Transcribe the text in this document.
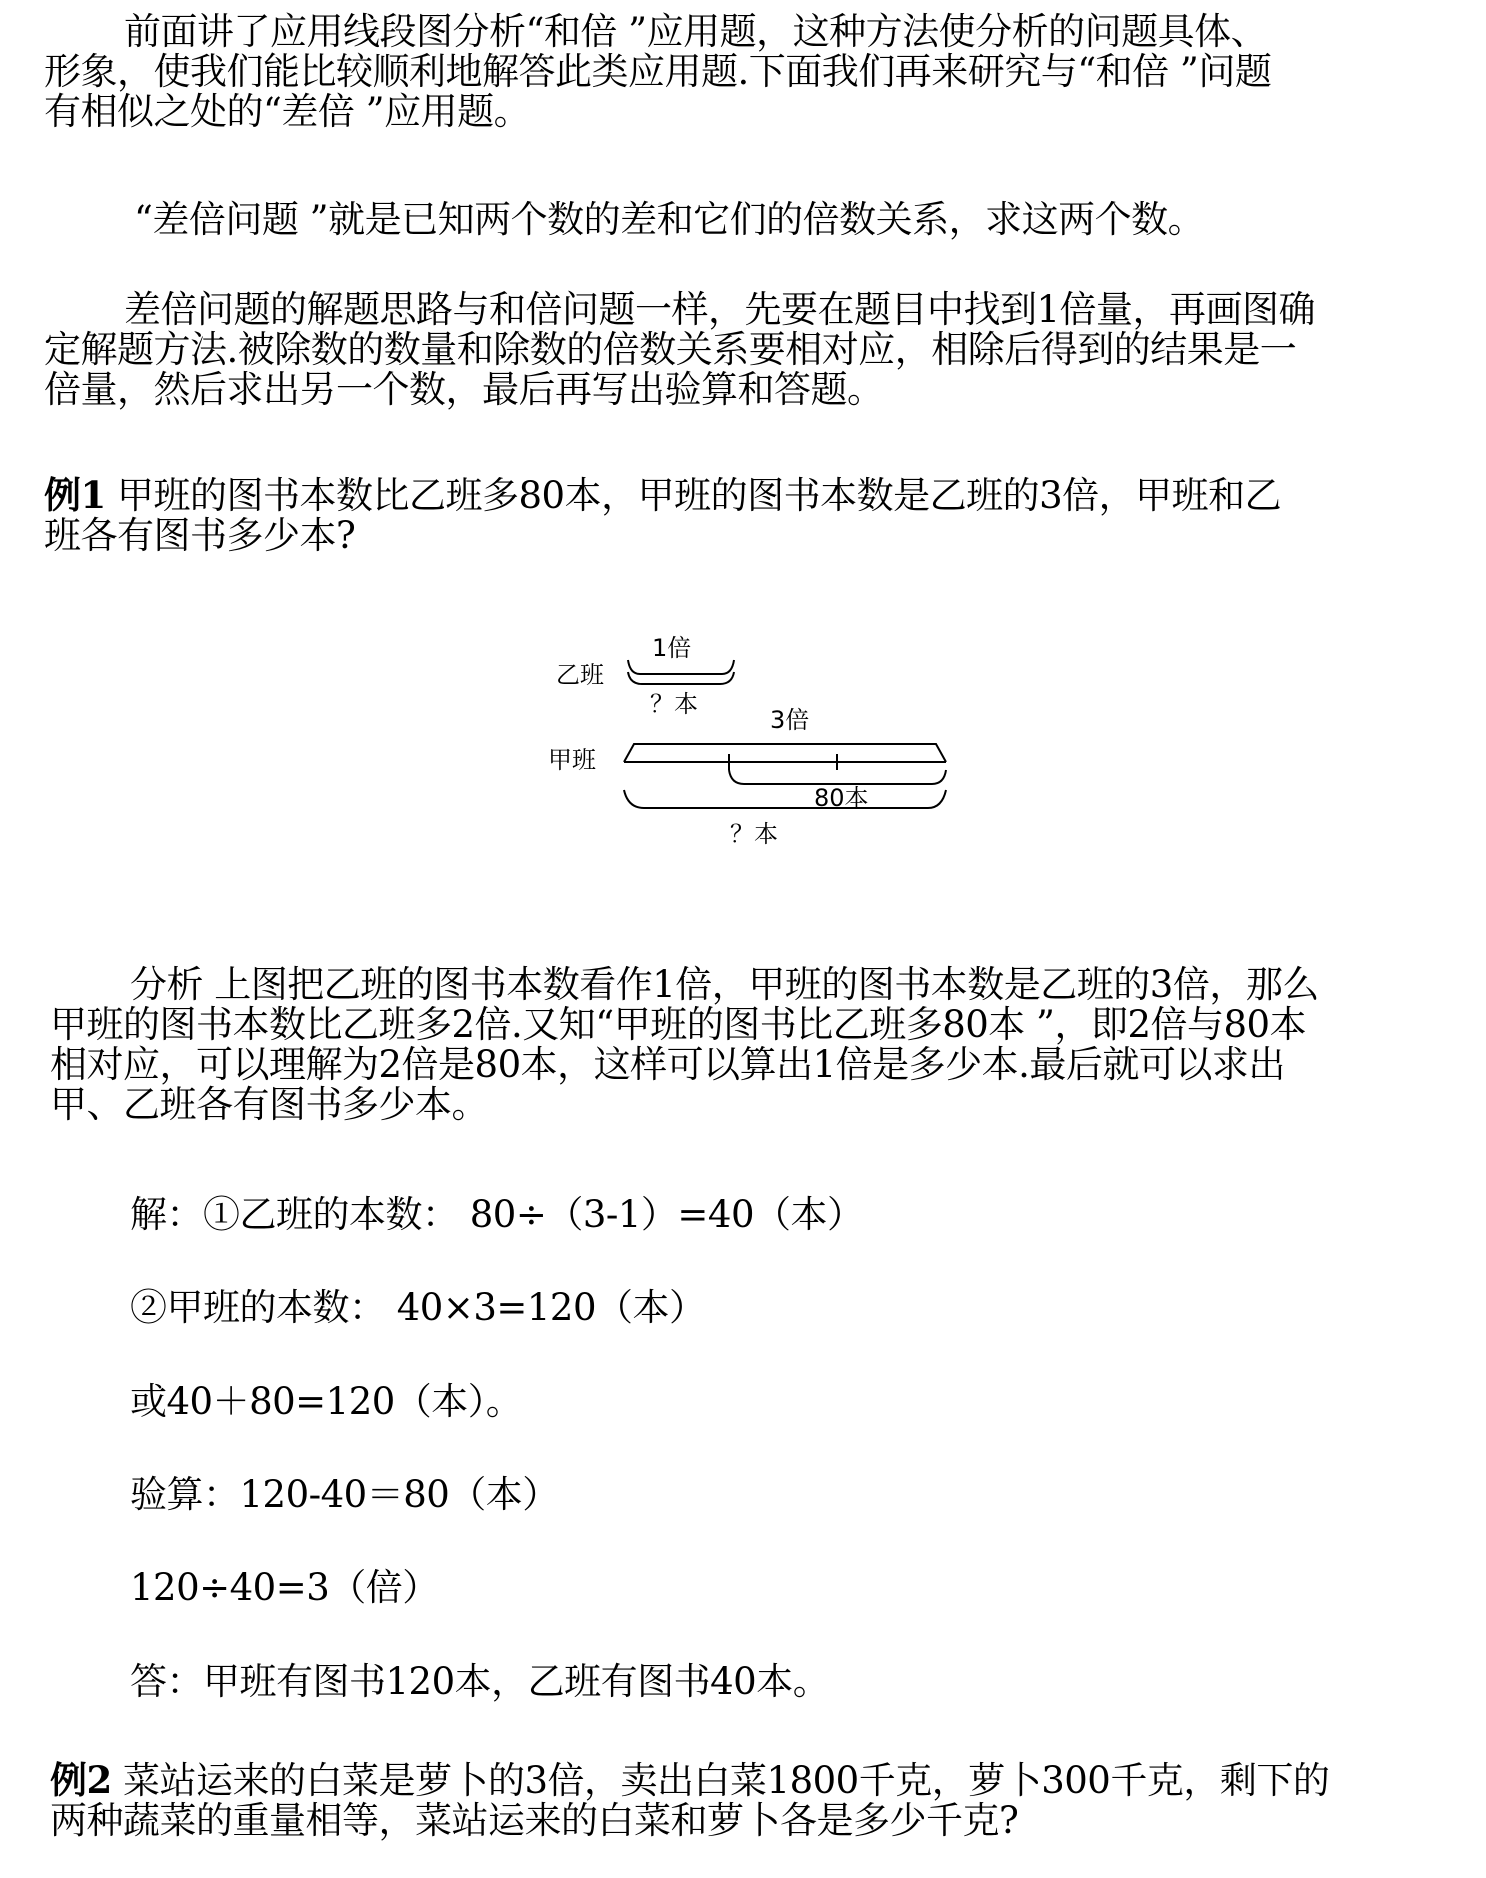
前面讲了应用线段图分析“和倍 ”应用题，这种方法使分析的问题具体、
形象，使我们能比较顺利地解答此类应用题.下面我们再来研究与“和倍 ”问题
有相似之处的“差倍 ”应用题。
“差倍问题 ”就是已知两个数的差和它们的倍数关系，求这两个数。
差倍问题的解题思路与和倍问题一样，先要在题目中找到1倍量，再画图确
定解题方法.被除数的数量和除数的倍数关系要相对应，相除后得到的结果是一
倍量，然后求出另一个数，最后再写出验算和答题。
例1 甲班的图书本数比乙班多80本，甲班的图书本数是乙班的3倍，甲班和乙
班各有图书多少本?
乙班
1倍
？本
3倍
甲班
80本
？本
分析 上图把乙班的图书本数看作1倍，甲班的图书本数是乙班的3倍，那么
甲班的图书本数比乙班多2倍.又知“甲班的图书比乙班多80本 ”，即2倍与80本
相对应，可以理解为2倍是80本，这样可以算出1倍是多少本.最后就可以求出
甲、乙班各有图书多少本。
解：①乙班的本数： 80÷（3-1）=40（本）
②甲班的本数： 40×3=120（本）
或40＋80=120（本）。
验算：120-40＝80（本）
120÷40=3（倍）
答：甲班有图书120本，乙班有图书40本。
例2 菜站运来的白菜是萝卜的3倍，卖出白菜1800千克，萝卜300千克，剩下的
两种蔬菜的重量相等，菜站运来的白菜和萝卜各是多少千克?
